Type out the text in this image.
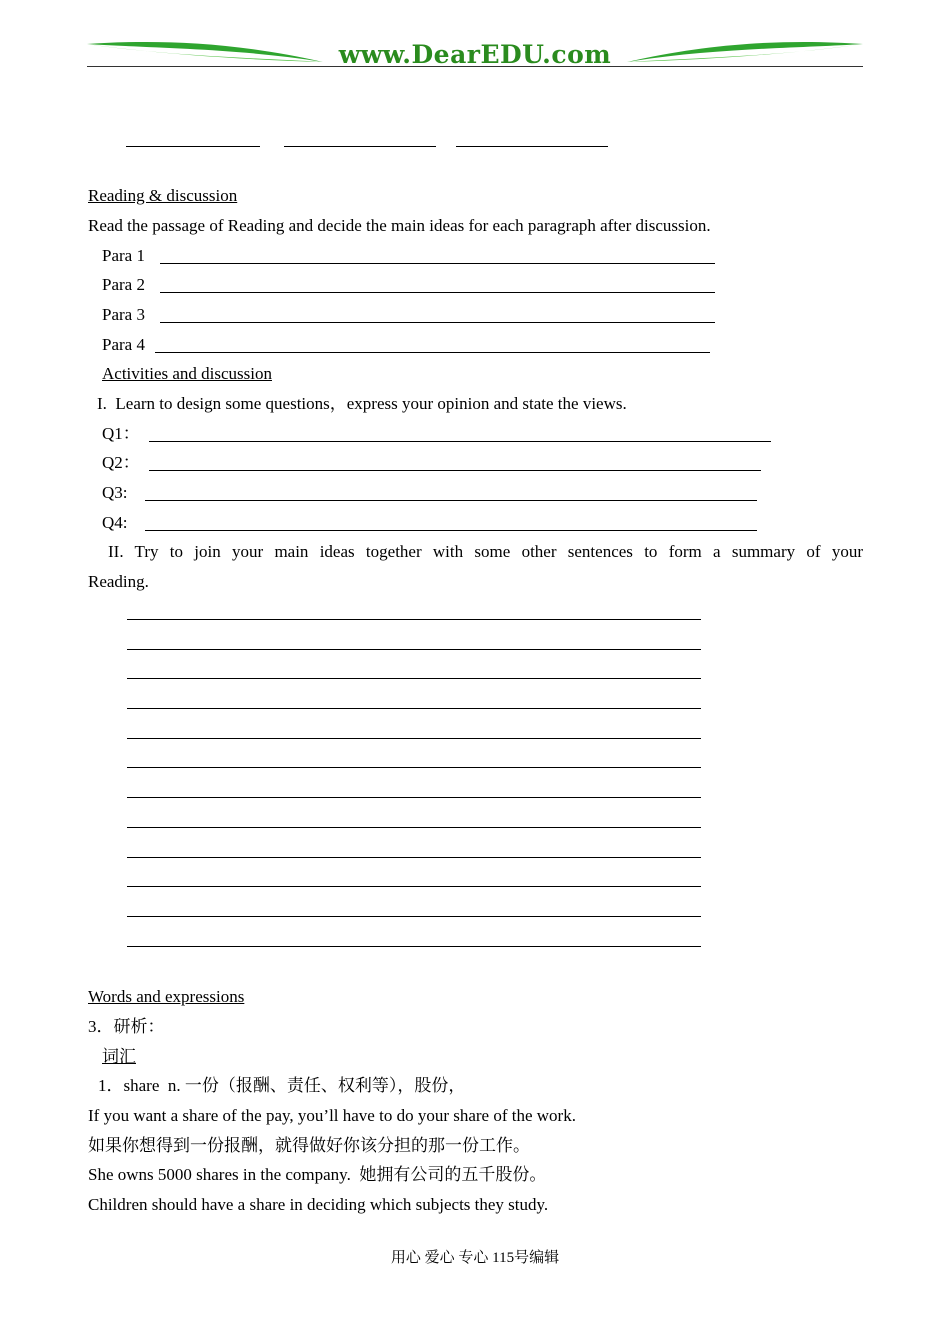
www.DearEDU.com
Reading & discussion
Read the passage of Reading and decide the main ideas for each paragraph after discussion.
Para 1
Para 2
Para 3
Para 4
Activities and discussion
I.  Learn to design some questions，express your opinion and state the views.
Q1：
Q2：
Q3:
Q4:
II. Try to join your main ideas together with some other sentences to form a summary of your
Reading.
Words and expressions
3．研析：
词汇
1．share  n. 一份（报酬、责任、权利等），股份，
If you want a share of the pay, you’ll have to do your share of the work.
如果你想得到一份报酬，就得做好你该分担的那一份工作。
She owns 5000 shares in the company.  她拥有公司的五千股份。
Children should have a share in deciding which subjects they study.
用心 爱心 专心 115号编辑
